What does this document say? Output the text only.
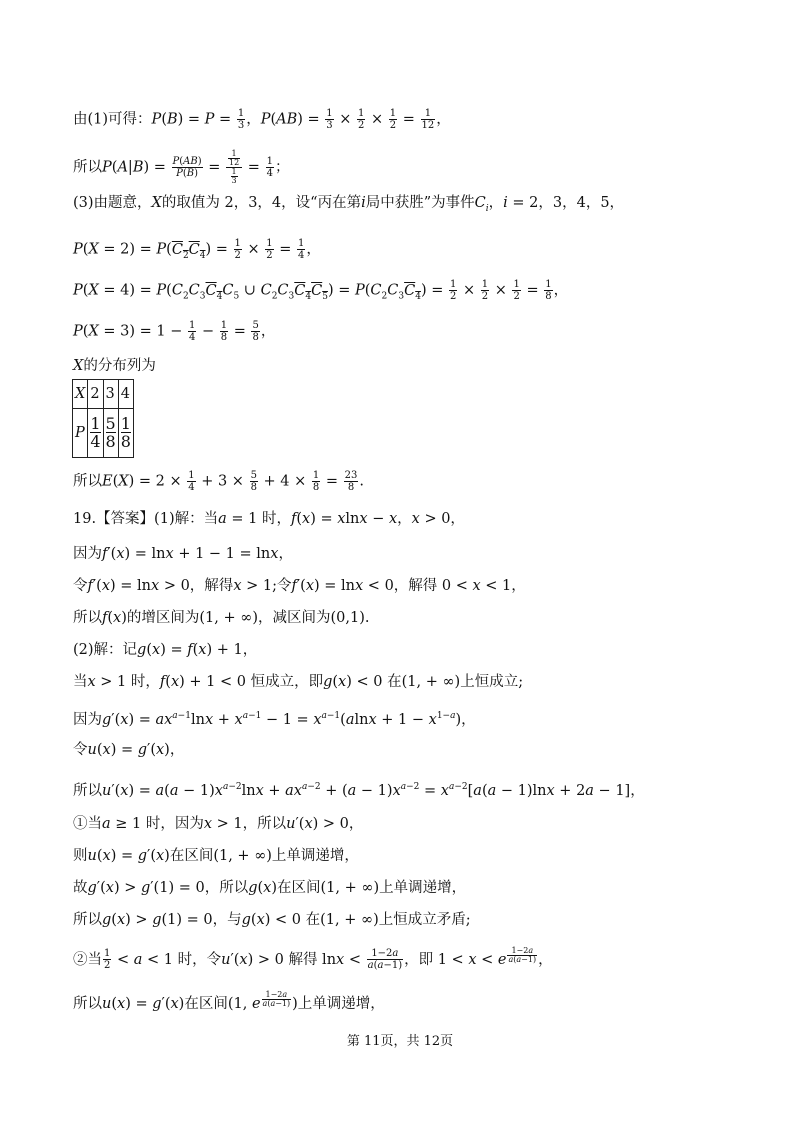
由(1)可得：$P(B) = P = \frac{1}{3}$ ，$P(AB) = \frac{1}{3} \times \frac{1}{2} \times \frac{1}{2} = \frac{1}{12}$ ，
所以$P(A|B) = \frac{P(AB)}{P(B)} = \frac{\frac{1}{12}}{\frac{1}{3}} = \frac{1}{4}$ ；
(3)由题意，X的取值为 2，3，4，设“丙在第i局中获胜”为事件$C_i$，i = 2，3，4，5，
$P(X = 2) = P(C_2C_4) = \frac{1}{2} \times \frac{1}{2} = \frac{1}{4}$ ，
$P(X = 4) = P(C_2C_3C_4C_5$ ∪ $C_2C_3C_4C_5) = P(C_2C_3C_4) = \frac{1}{2} \times \frac{1}{2} \times \frac{1}{2} = \frac{1}{8}$ ，
$P(X = 3) = 1 - \frac{1}{4} - \frac{1}{8} = \frac{5}{8}$ ，
X的分布列为
X	2	3	4
P	$\frac{1}{4}$	$\frac{5}{8}$	$\frac{1}{8}$
所以$E(X) = 2 \times \frac{1}{4} + 3 \times \frac{5}{8} + 4 \times \frac{1}{8} = \frac{23}{8}$ .
19.【答案】(1)解：当a = 1 时，f(x) = xlnx − x，x > 0，
因为f′(x) = lnx + 1 − 1 = lnx，
令f′(x) = lnx > 0，解得x > 1;令f′(x) = lnx < 0，解得 0 < x < 1，
所以f(x)的增区间为(1, + ∞)，减区间为(0,1).
(2)解：记g(x) = f(x) + 1，
当x > 1 时，f(x) + 1 < 0 恒成立，即g(x) < 0 在(1, + ∞)上恒成立;
因为$g'(x) = ax^{a-1}\ln x + x^{a-1} - 1 = x^{a-1}(alnx + 1 - x^{1-a})$，
令u(x) = g′(x)，
所以$u'(x) = a(a - 1)x^{a-2}\ln x + ax^{a-2} + (a - 1)x^{a-2} = x^{a-2}[a(a - 1)\ln x + 2a - 1]$，
①当a ≥ 1 时，因为x > 1，所以u′(x) > 0，
则u(x) = g′(x)在区间(1, + ∞)上单调递增，
故g′(x) > g′(1) = 0，所以g(x)在区间(1, + ∞)上单调递增，
所以g(x) > g(1) = 0，与g(x) < 0 在(1, + ∞)上恒成立矛盾;
②当 $\frac{1}{2} < a < 1$ 时，令u′(x) > 0 解得 $\ln x < \frac{1-2a}{a(a-1)}$ ，即 1 < x < e $^{\frac{1-2a}{a(a-1)}}$ ，
所以u(x) = g′(x)在区间(1, e $^{\frac{1-2a}{a(a-1)}}$ )上单调递增，
第 11页，共 12页
